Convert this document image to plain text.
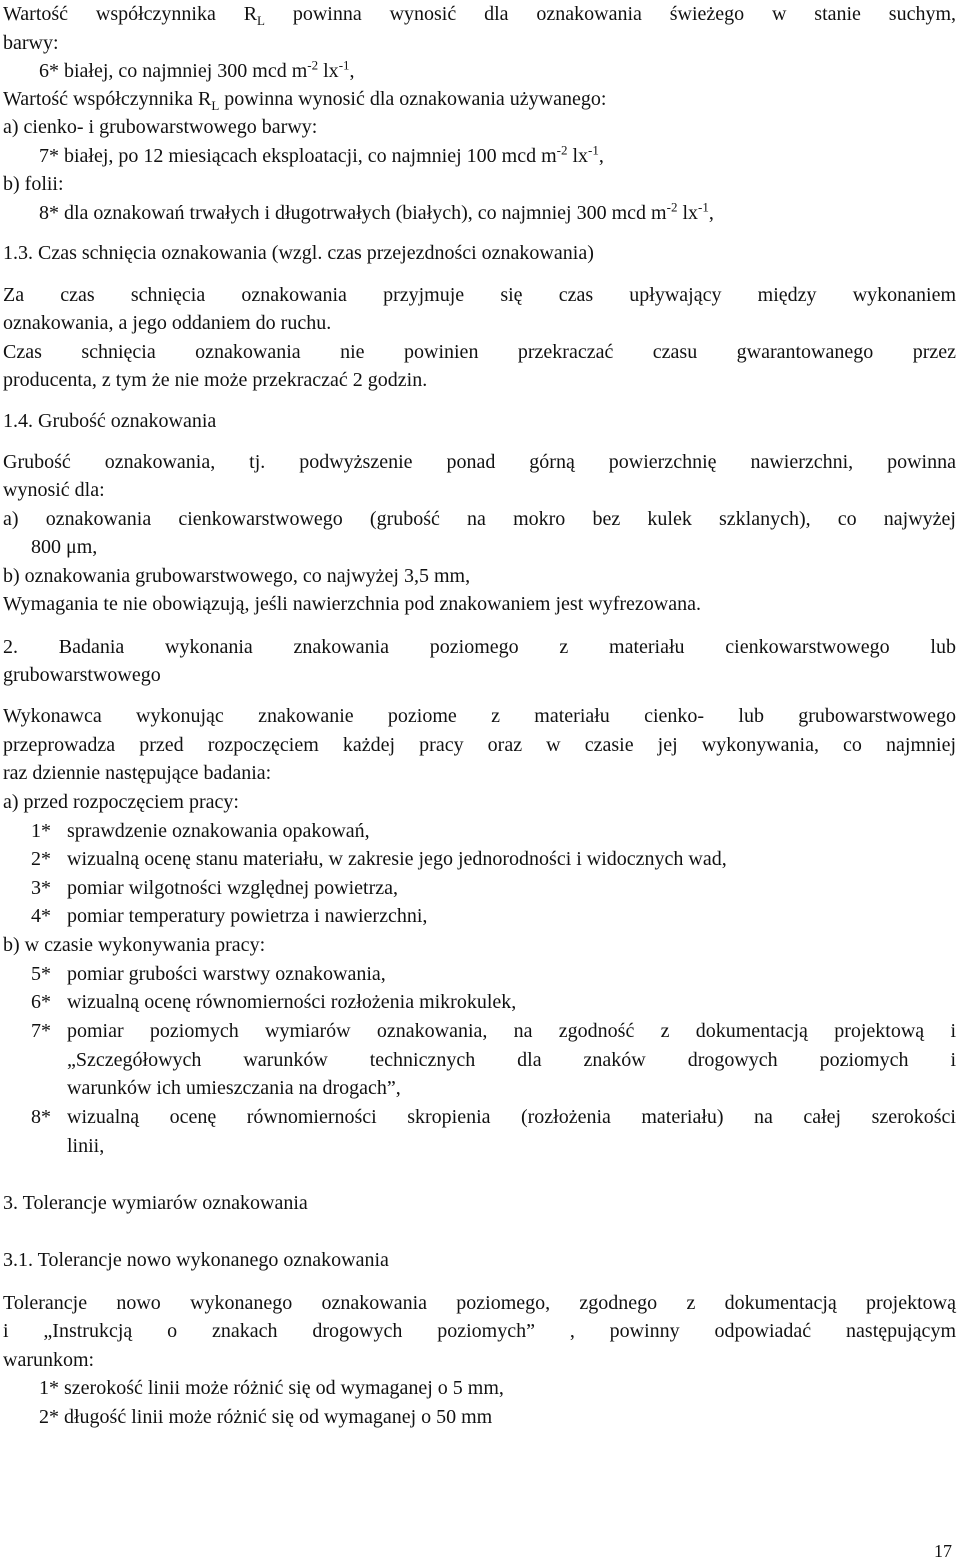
Wartość współczynnika $R_L$ powinna wynosić dla oznakowania świeżego w stanie suchym,
barwy:
6* białej, co najmniej 300 mcd $m^{-2}$ $lx^{-1}$,
Wartość współczynnika $R_L$ powinna wynosić dla oznakowania używanego:
a) cienko- i grubowarstwowego barwy:
7* białej, po 12 miesiącach eksploatacji, co najmniej 100 mcd $m^{-2}$ $lx^{-1}$,
b) folii:
8* dla oznakowań trwałych i długotrwałych (białych), co najmniej 300 mcd $m^{-2}$ $lx^{-1}$,
1.3. Czas schnięcia oznakowania (wzgl. czas przejezdności oznakowania)
Za czas schnięcia oznakowania przyjmuje się czas upływający między wykonaniem
oznakowania, a jego oddaniem do ruchu.
Czas schnięcia oznakowania nie powinien przekraczać czasu gwarantowanego przez
producenta, z tym że nie może przekraczać 2 godzin.
1.4. Grubość oznakowania
Grubość oznakowania, tj. podwyższenie ponad górną powierzchnię nawierzchni, powinna
wynosić dla:
a) oznakowania cienkowarstwowego (grubość na mokro bez kulek szklanych), co najwyżej
800 μm,
b) oznakowania grubowarstwowego, co najwyżej 3,5 mm,
Wymagania te nie obowiązują, jeśli nawierzchnia pod znakowaniem jest wyfrezowana.
2. Badania wykonania znakowania poziomego z materiału cienkowarstwowego lub
grubowarstwowego
Wykonawca wykonując znakowanie poziome z materiału cienko- lub grubowarstwowego
przeprowadza przed rozpoczęciem każdej pracy oraz w czasie jej wykonywania, co najmniej
raz dziennie następujące badania:
a) przed rozpoczęciem pracy:
1* sprawdzenie oznakowania opakowań,
2* wizualną ocenę stanu materiału, w zakresie jego jednorodności i widocznych wad,
3* pomiar wilgotności względnej powietrza,
4* pomiar temperatury powietrza i nawierzchni,
b) w czasie wykonywania pracy:
5* pomiar grubości warstwy oznakowania,
6* wizualną ocenę równomierności rozłożenia mikrokulek,
7* pomiar poziomych wymiarów oznakowania, na zgodność z dokumentacją projektową i
„Szczegółowych warunków technicznych dla znaków drogowych poziomych i
warunków ich umieszczania na drogach”,
8* wizualną ocenę równomierności skropienia (rozłożenia materiału) na całej szerokości
linii,
3. Tolerancje wymiarów oznakowania
3.1. Tolerancje nowo wykonanego oznakowania
Tolerancje nowo wykonanego oznakowania poziomego, zgodnego z dokumentacją projektową
i „Instrukcją o znakach drogowych poziomych” , powinny odpowiadać następującym
warunkom:
1* szerokość linii może różnić się od wymaganej o 5 mm,
2* długość linii może różnić się od wymaganej o 50 mm
17
